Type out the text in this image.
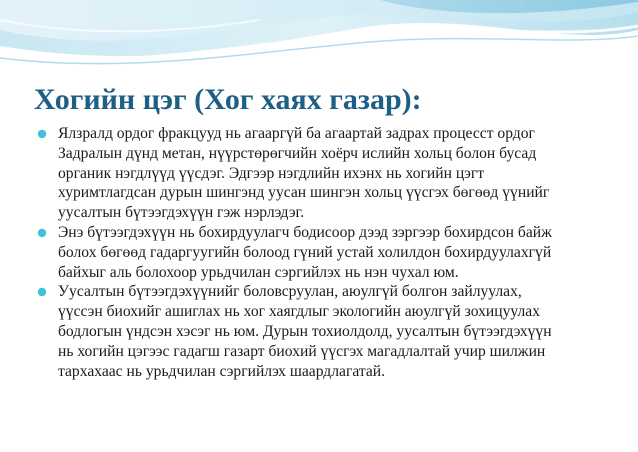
Хогийн цэг (Хог хаях газар):
Ялзралд ордог фракцууд нь агааргүй ба агаартай задрах процесст ордог
Задралын дүнд метан, нүүрстөрөгчийн хоёрч ислийн хольц болон бусад
органик нэгдлүүд үүсдэг. Эдгээр нэгдлийн ихэнх нь хогийн цэгт
хуримтлагдсан дурын шингэнд уусан шингэн хольц үүсгэх бөгөөд үүнийг
уусалтын бүтээгдэхүүн гэж нэрлэдэг.
Энэ бүтээгдэхүүн нь бохирдуулагч бодисоор дээд зэргээр бохирдсон байж
болох бөгөөд гадаргуугийн болоод гүний устай холилдон бохирдуулахгүй
байхыг аль болохоор урьдчилан сэргийлэх нь нэн чухал юм.
Уусалтын бүтээгдэхүүнийг боловсруулан, аюулгүй болгон зайлуулах,
үүссэн биохийг ашиглах нь хог хаягдлыг экологийн аюулгүй зохицуулах
бодлогын үндсэн хэсэг нь юм. Дурын тохиолдолд, уусалтын бүтээгдэхүүн
нь хогийн цэгээс гадагш газарт биохий үүсгэх магадлалтай учир шилжин
тархахаас нь урьдчилан сэргийлэх шаардлагатай.
